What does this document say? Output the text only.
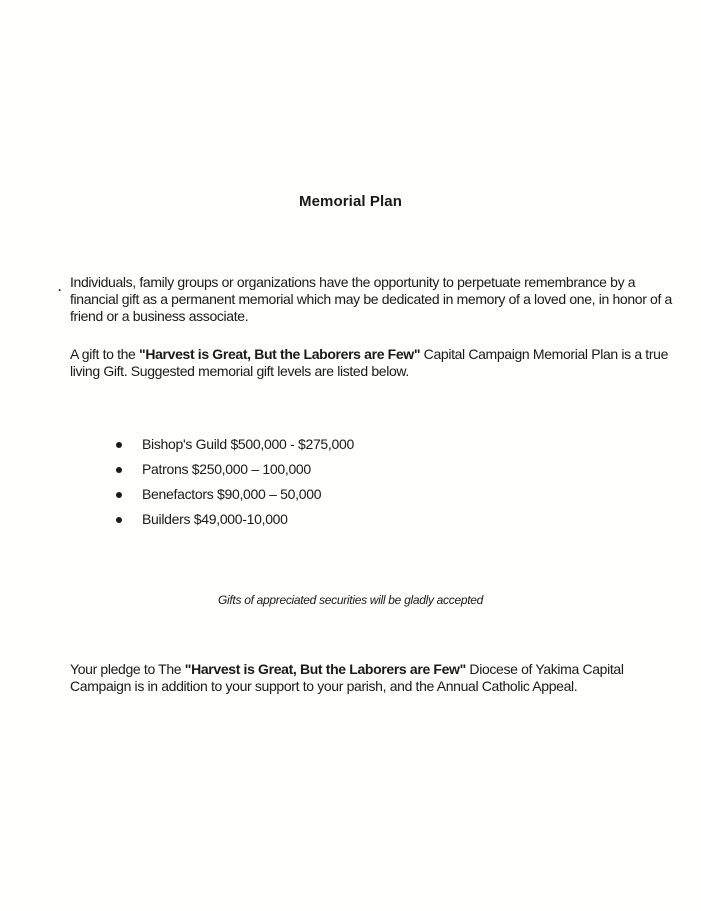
Memorial Plan
. Individuals, family groups or organizations have the opportunity to perpetuate remembrance by a financial gift as a permanent memorial which may be dedicated in memory of a loved one, in honor of a friend or a business associate.
A gift to the "Harvest is Great, But the Laborers are Few" Capital Campaign Memorial Plan is a true living Gift. Suggested memorial gift levels are listed below.
Bishop's Guild $500,000 - $275,000
Patrons $250,000 – 100,000
Benefactors $90,000 – 50,000
Builders $49,000-10,000
Gifts of appreciated securities will be gladly accepted
Your pledge to The "Harvest is Great, But the Laborers are Few" Diocese of Yakima Capital Campaign is in addition to your support to your parish, and the Annual Catholic Appeal.
